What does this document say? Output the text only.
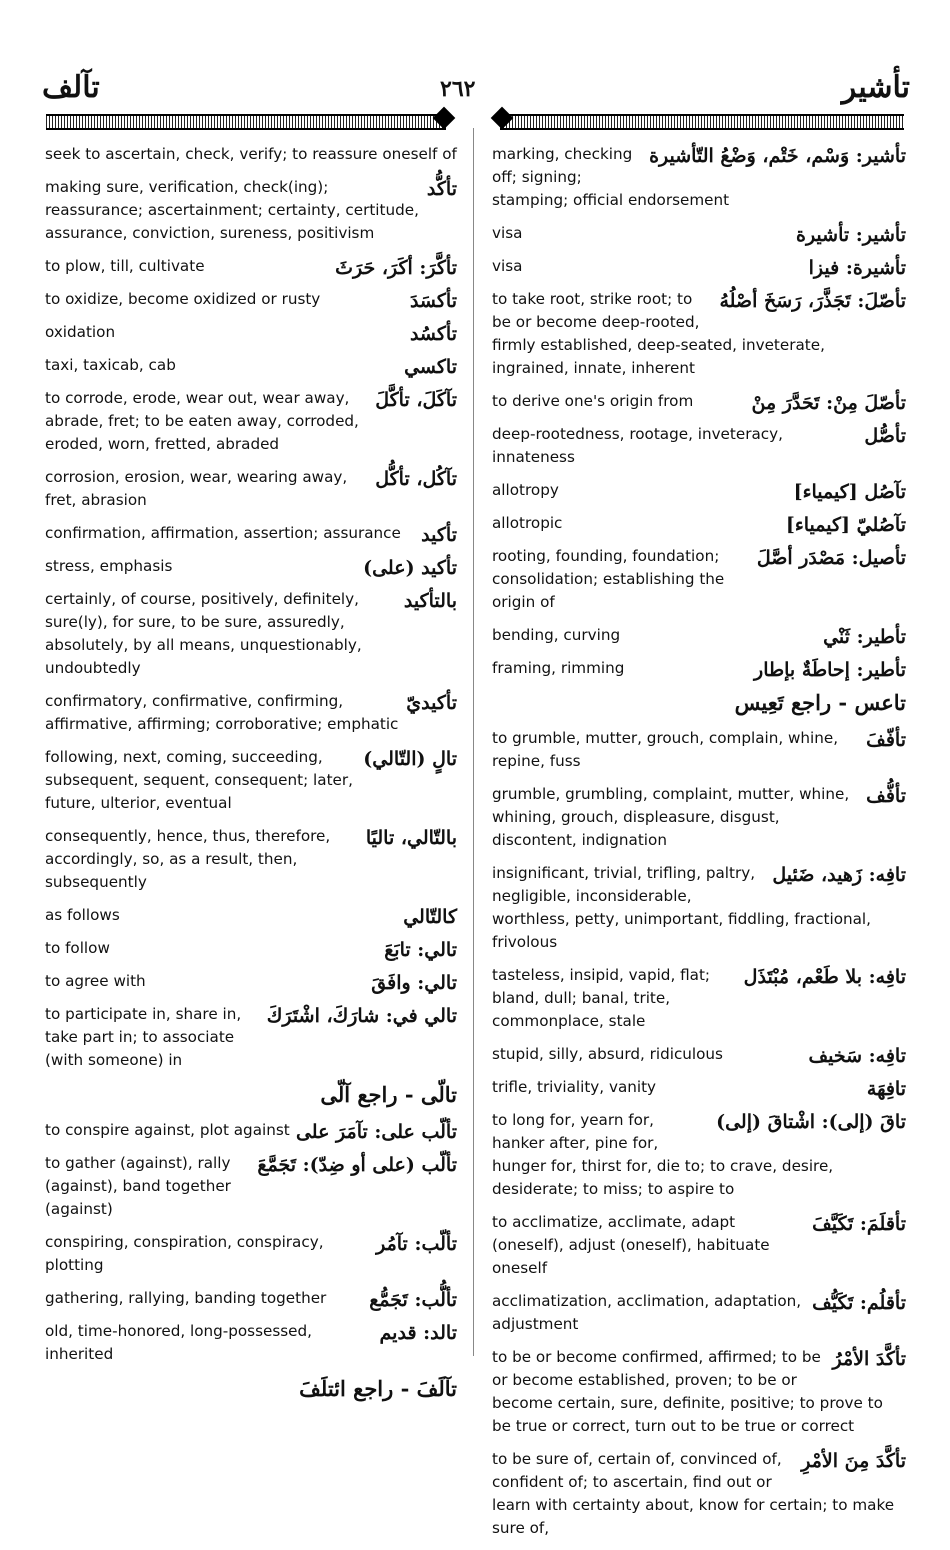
تآلف	٢٦٢	تأشير
seek to ascertain, check, verify; to reassure oneself of
تأكُّد
making sure, verification, check(ing); reassurance; ascertainment; certainty, certitude, assurance, conviction, sureness, positivism
تأكَّرَ: أكَرَ، حَرَثَ
to plow, till, cultivate
تأكسَدَ
to oxidize, become oxidized or rusty
تأكسُد
oxidation
تاكسي
taxi, taxicab, cab
تآكَلَ، تأكَّلَ
to corrode, erode, wear out, wear away, abrade, fret; to be eaten away, corroded, eroded, worn, fretted, abraded
تآكُل، تأكُّل
corrosion, erosion, wear, wearing away, fret, abrasion
تأكيد
confirmation, affirmation, assertion; assurance
تأكيد (على)
stress, emphasis
بالتأكيد
certainly, of course, positively, definitely, sure(ly), for sure, to be sure, assuredly, absolutely, by all means, unquestionably, undoubtedly
تأكيديّ
confirmatory, confirmative, confirming, affirmative, affirming; corroborative; emphatic
تالٍ (التّالي)
following, next, coming, succeeding, subsequent, sequent, consequent; later, future, ulterior, eventual
بالتّالي، تاليًا
consequently, hence, thus, therefore, accordingly, so, as a result, then, subsequently
كالتّالي
as follows
تالي: تابَعَ
to follow
تالي: وافَقَ
to agree with
تالي في: شارَكَ، اشْتَرَكَ
to participate in, share in, take part in; to associate (with someone) in
تالّى - راجع آلّى
تألّب على: تآمَرَ على
to conspire against, plot against
تألّب (على أو ضِدّ): تَجَمَّعَ
to gather (against), rally (against), band together (against)
تألّب: تآمُر
conspiring, conspiration, conspiracy, plotting
تألُّب: تَجَمُّع
gathering, rallying, banding together
تالد: قديم
old, time-honored, long-possessed, inherited
تآلَفَ - راجع ائتلَفَ
تأشير: وَسْم، خَتْم، وَضْعُ التّأشيرة
marking, checking off; signing; stamping; official endorsement
تأشير: تأشيرة
visa
تأشيرة: فيزا
visa
تأصّلَ: تَجَذَّرَ، رَسَخَ أصْلُهُ
to take root, strike root; to be or become deep-rooted, firmly established, deep-seated, inveterate, ingrained, innate, inherent
تأصّلَ مِنْ: تَحَدَّرَ مِنْ
to derive one's origin from
تأصُّل
deep-rootedness, rootage, inveteracy, innateness
تآصُل [كيمياء]
allotropy
تآصُليّ [كيمياء]
allotropic
تأصيل: مَصْدَر أصَّلَ
rooting, founding, foundation; consolidation; establishing the origin of
تأطير: ثَنْي
bending, curving
تأطير: إحاطَةٌ بإطار
framing, rimming
تاعس - راجع تَعِيس
تأفّفَ
to grumble, mutter, grouch, complain, whine, repine, fuss
تأفُّف
grumble, grumbling, complaint, mutter, whine, whining, grouch, displeasure, disgust, discontent, indignation
تافِه: زَهيد، ضَئيل
insignificant, trivial, trifling, paltry, negligible, inconsiderable, worthless, petty, unimportant, fiddling, fractional, frivolous
تافِه: بلا طَعْم، مُبْتَذَل
tasteless, insipid, vapid, flat; bland, dull; banal, trite, commonplace, stale
تافِه: سَخيف
stupid, silly, absurd, ridiculous
تافِهَة
trifle, triviality, vanity
تاقَ (إلى): اشْتاقَ (إلى)
to long for, yearn for, hanker after, pine for, hunger for, thirst for, die to; to crave, desire, desiderate; to miss; to aspire to
تأقلَمَ: تَكَيَّفَ
to acclimatize, acclimate, adapt (oneself), adjust (oneself), habituate oneself
تأقلُم: تَكَيُّف
acclimatization, acclimation, adaptation, adjustment
تأكَّدَ الأمْرُ
to be or become confirmed, affirmed; to be or become established, proven; to be or become certain, sure, definite, positive; to prove to be true or correct, turn out to be true or correct
تأكَّدَ مِنَ الأمْرِ
to be sure of, certain of, convinced of, confident of; to ascertain, find out or learn with certainty about, know for certain; to make sure of,
